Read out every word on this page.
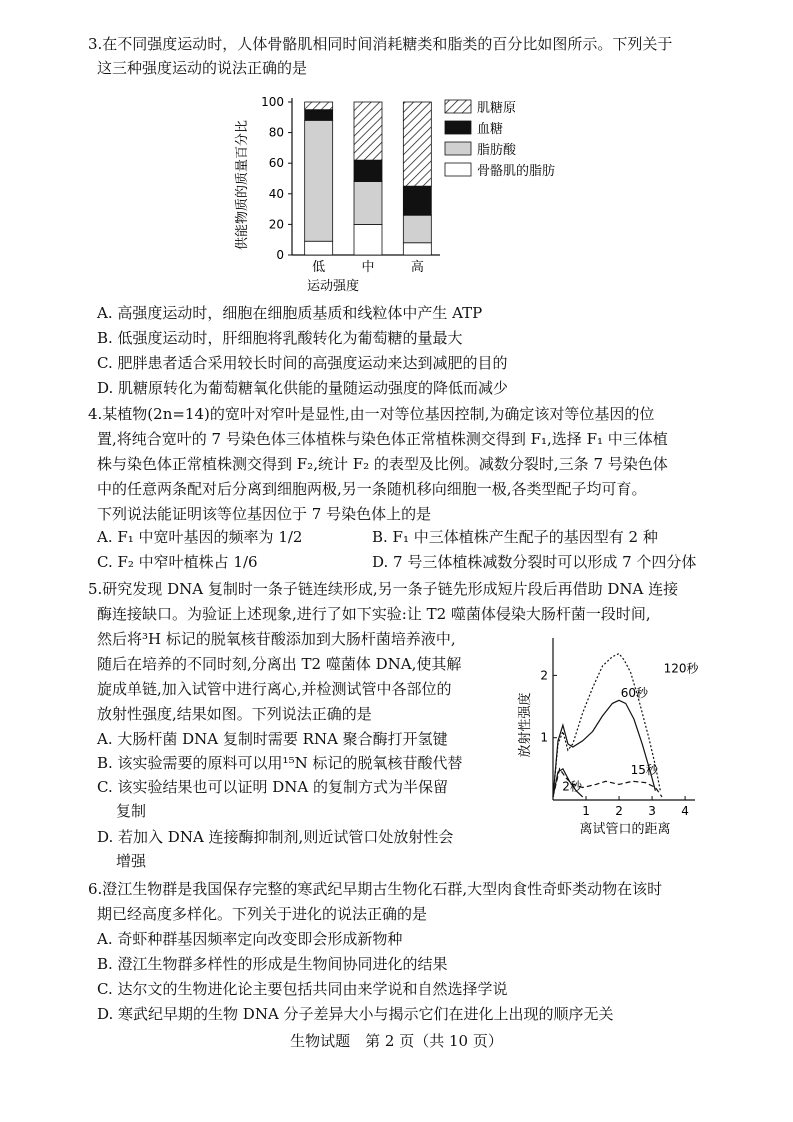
3.在不同强度运动时，人体骨骼肌相同时间消耗糖类和脂类的百分比如图所示。下列关于
这三种强度运动的说法正确的是
供能物质的质量百分比
运动强度
0
20
40
60
80
100
低	中	高
肌糖原
血糖
脂肪酸
骨骼肌的脂肪
A. 高强度运动时，细胞在细胞质基质和线粒体中产生 ATP
B. 低强度运动时，肝细胞将乳酸转化为葡萄糖的量最大
C. 肥胖患者适合采用较长时间的高强度运动来达到减肥的目的
D. 肌糖原转化为葡萄糖氧化供能的量随运动强度的降低而减少
4.某植物(2n=14)的宽叶对窄叶是显性,由一对等位基因控制,为确定该对等位基因的位
置,将纯合宽叶的 7 号染色体三体植株与染色体正常植株测交得到 F₁,选择 F₁ 中三体植
株与染色体正常植株测交得到 F₂,统计 F₂ 的表型及比例。减数分裂时,三条 7 号染色体
中的任意两条配对后分离到细胞两极,另一条随机移向细胞一极,各类型配子均可育。
下列说法能证明该等位基因位于 7 号染色体上的是
A. F₁ 中宽叶基因的频率为 1/2	B. F₁ 中三体植株产生配子的基因型有 2 种
C. F₂ 中窄叶植株占 1/6	D. 7 号三体植株减数分裂时可以形成 7 个四分体
5.研究发现 DNA 复制时一条子链连续形成,另一条子链先形成短片段后再借助 DNA 连接
酶连接缺口。为验证上述现象,进行了如下实验:让 T2 噬菌体侵染大肠杆菌一段时间,
然后将³H 标记的脱氧核苷酸添加到大肠杆菌培养液中,
随后在培养的不同时刻,分离出 T2 噬菌体 DNA,使其解
旋成单链,加入试管中进行离心,并检测试管中各部位的
放射性强度,结果如图。下列说法正确的是
A. 大肠杆菌 DNA 复制时需要 RNA 聚合酶打开氢键
B. 该实验需要的原料可以用¹⁵N 标记的脱氧核苷酸代替
C. 该实验结果也可以证明 DNA 的复制方式为半保留
复制
D. 若加入 DNA 连接酶抑制剂,则近试管口处放射性会
增强
放射性强度
离试管口的距离
1 2 3 4
1
2
120秒
60秒
15秒
2秒
6.澄江生物群是我国保存完整的寒武纪早期古生物化石群,大型肉食性奇虾类动物在该时
期已经高度多样化。下列关于进化的说法正确的是
A. 奇虾种群基因频率定向改变即会形成新物种
B. 澄江生物群多样性的形成是生物间协同进化的结果
C. 达尔文的生物进化论主要包括共同由来学说和自然选择学说
D. 寒武纪早期的生物 DNA 分子差异大小与揭示它们在进化上出现的顺序无关
生物试题　第 2 页（共 10 页）
